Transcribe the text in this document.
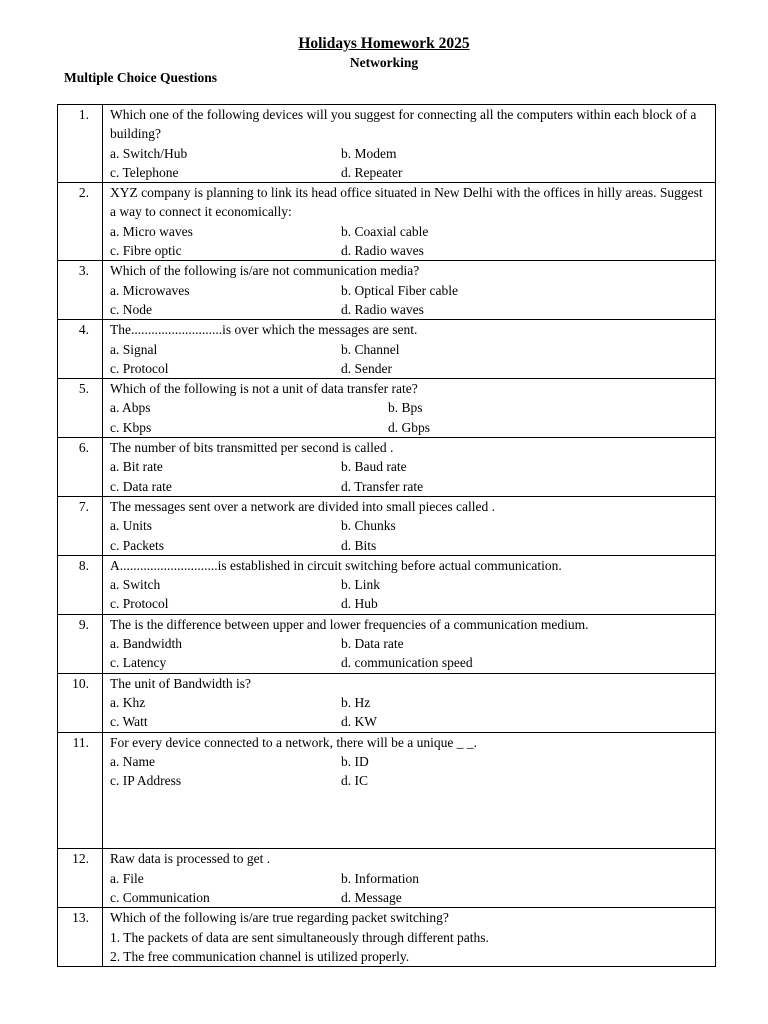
Holidays Homework 2025
Networking
Multiple Choice Questions
1.	Which one of the following devices will you suggest for connecting all the computers within each block of a building?
a. Switch/Hub b. Modem
c. Telephone d. Repeater

2.	XYZ company is planning to link its head office situated in New Delhi with the offices in hilly areas. Suggest a way to connect it economically:
a. Micro waves b. Coaxial cable
c. Fibre optic d. Radio waves

3.	Which of the following is/are not communication media?
a. Microwaves b. Optical Fiber cable
c. Node d. Radio waves

4.	The...........................is over which the messages are sent.
a. Signal b. Channel
c. Protocol d. Sender

5.	Which of the following is not a unit of data transfer rate?
a. Abps b. Bps
c. Kbps d. Gbps

6.	The number of bits transmitted per second is called .
a. Bit rate b. Baud rate
c. Data rate d. Transfer rate

7.	The messages sent over a network are divided into small pieces called .
a. Units b. Chunks
c. Packets d. Bits

8.	A.............................is established in circuit switching before actual communication.
a. Switch b. Link
c. Protocol d. Hub

9.	The is the difference between upper and lower frequencies of a communication medium.
a. Bandwidth b. Data rate
c. Latency d. communication speed

10.	The unit of Bandwidth is?
a. Khz b. Hz
c. Watt d. KW

11.	For every device connected to a network, there will be a unique _ _.
a. Name b. ID
c. IP Address d. IC

12.	Raw data is processed to get .
a. File b. Information
c. Communication d. Message

13.	Which of the following is/are true regarding packet switching?
1. The packets of data are sent simultaneously through different paths.
2. The free communication channel is utilized properly.
